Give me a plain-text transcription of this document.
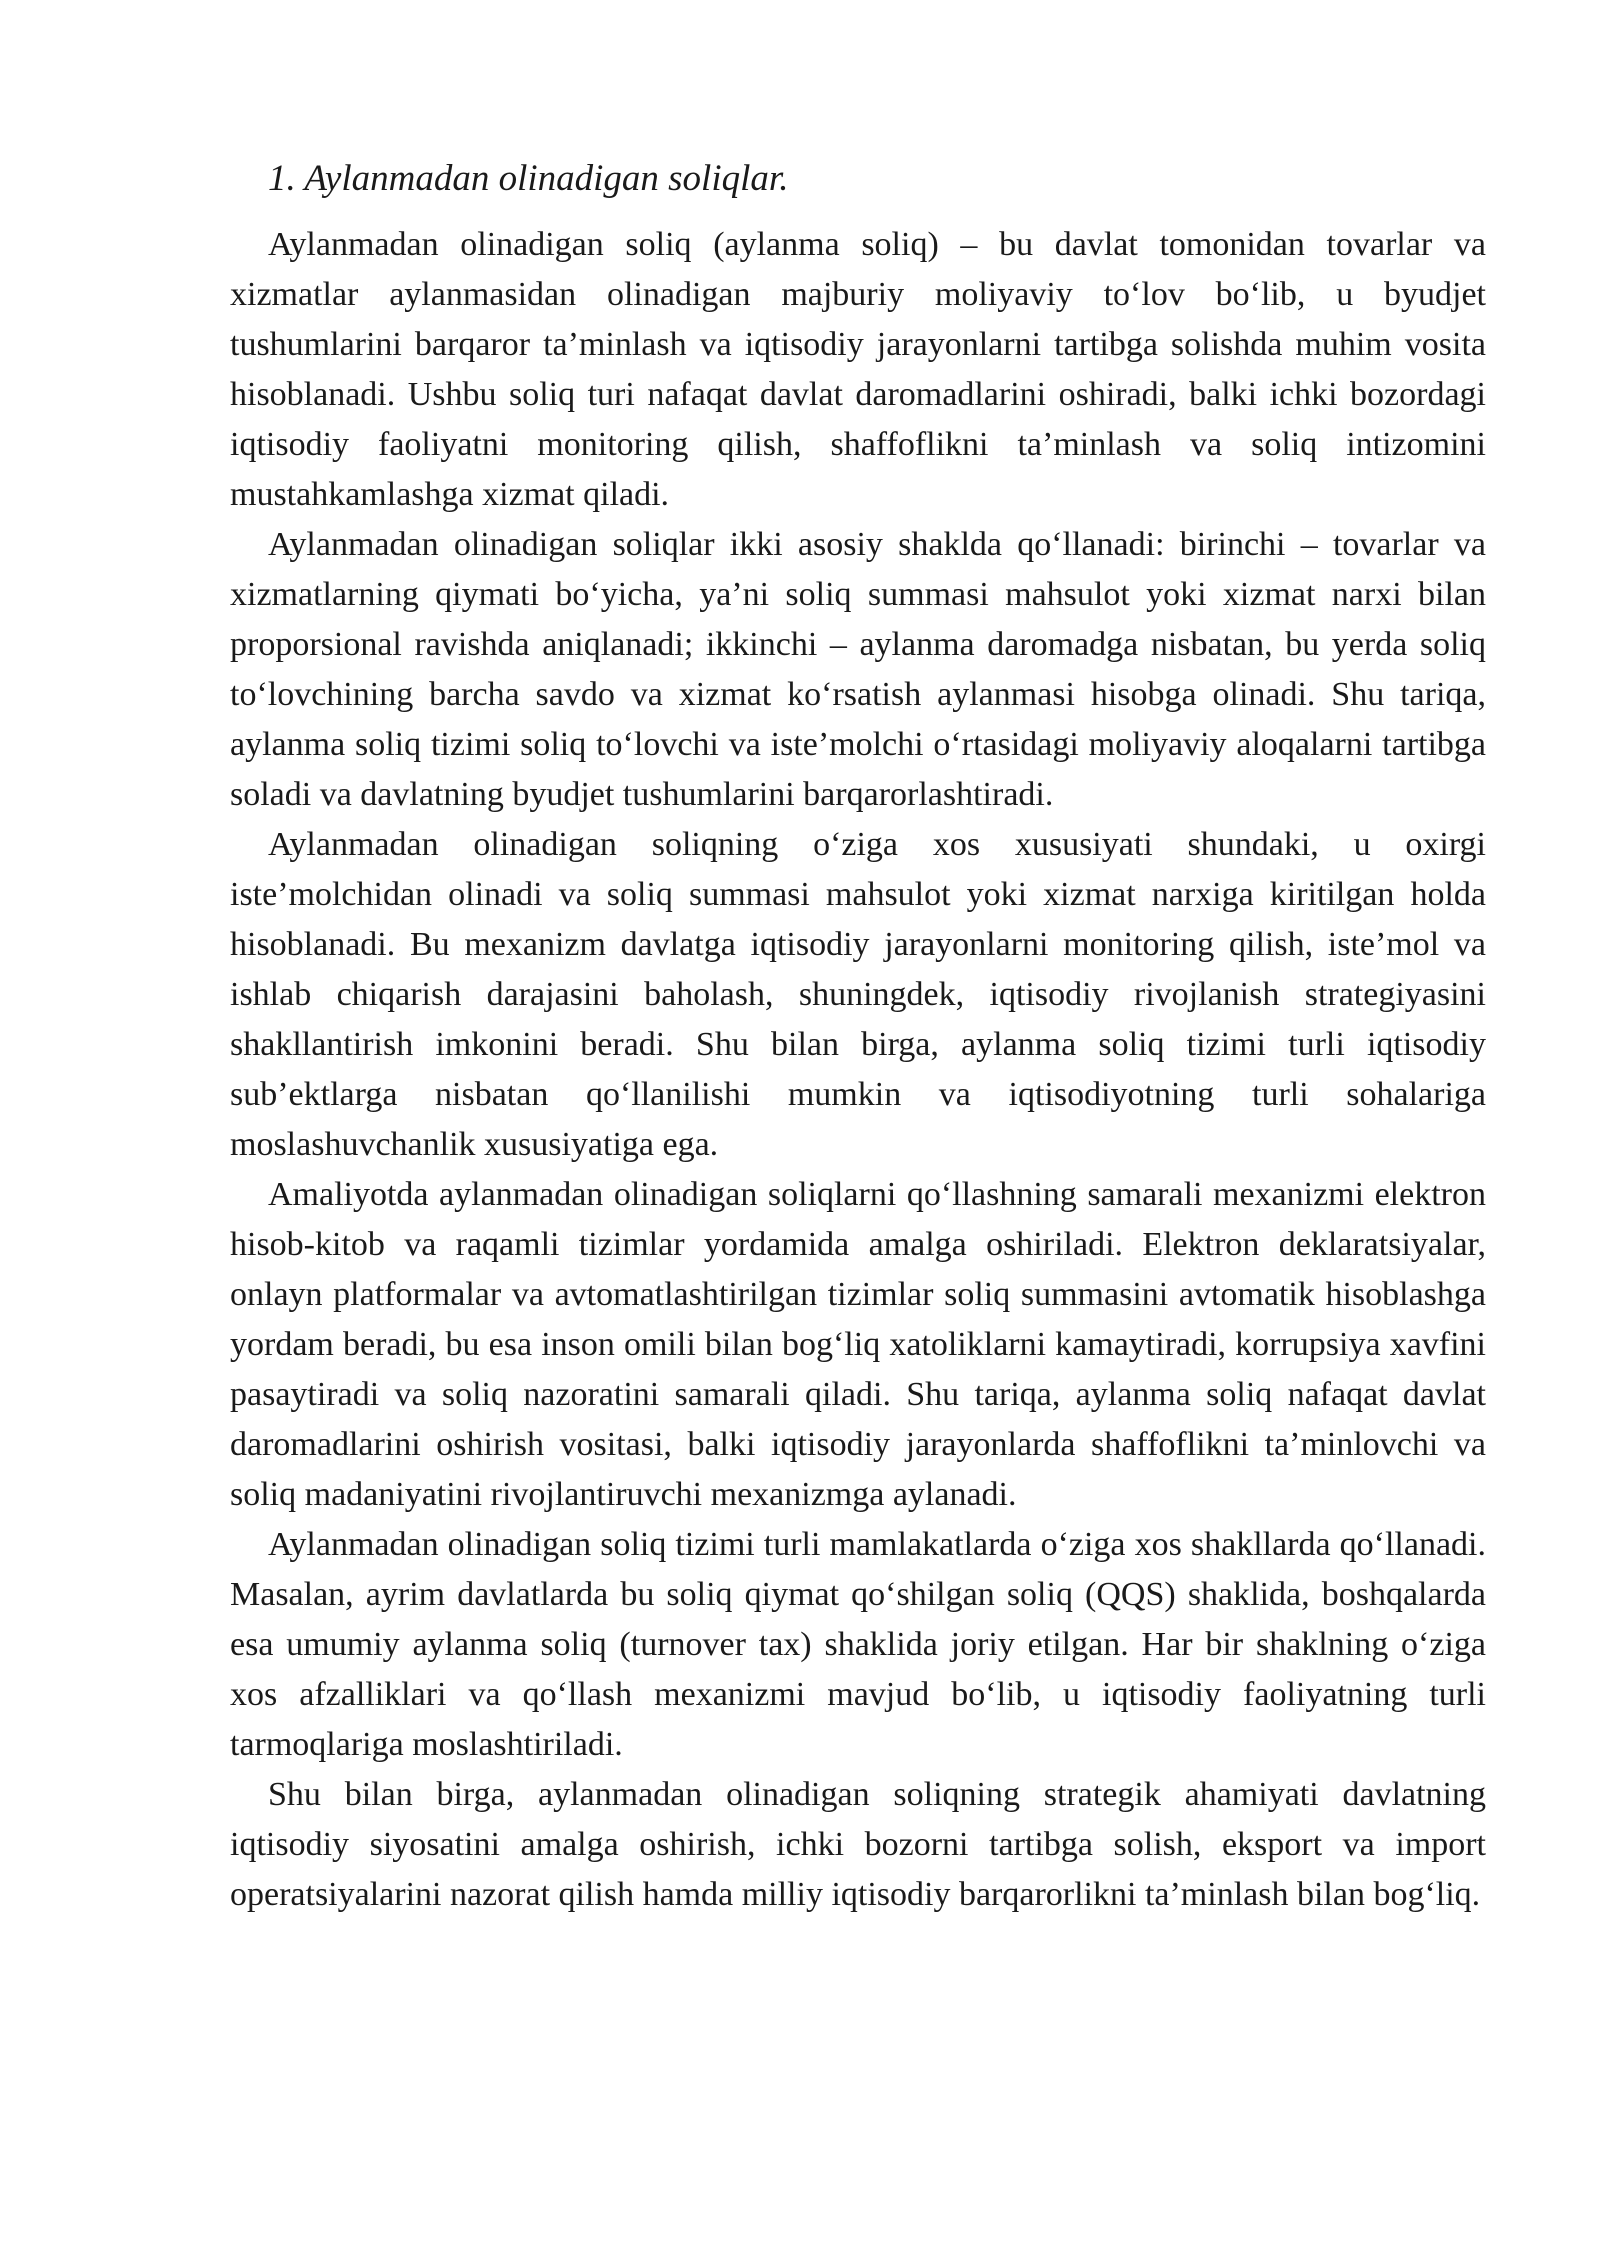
1. Aylanmadan olinadigan soliqlar.

Aylanmadan olinadigan soliq (aylanma soliq) – bu davlat tomonidan tovarlar va xizmatlar aylanmasidan olinadigan majburiy moliyaviy to‘lov bo‘lib, u byudjet tushumlarini barqaror ta’minlash va iqtisodiy jarayonlarni tartibga solishda muhim vosita hisoblanadi. Ushbu soliq turi nafaqat davlat daromadlarini oshiradi, balki ichki bozordagi iqtisodiy faoliyatni monitoring qilish, shaffoflikni ta’minlash va soliq intizomini mustahkamlashga xizmat qiladi.

Aylanmadan olinadigan soliqlar ikki asosiy shaklda qo‘llanadi: birinchi – tovarlar va xizmatlarning qiymati bo‘yicha, ya’ni soliq summasi mahsulot yoki xizmat narxi bilan proporsional ravishda aniqlanadi; ikkinchi – aylanma daromadga nisbatan, bu yerda soliq to‘lovchining barcha savdo va xizmat ko‘rsatish aylanmasi hisobga olinadi. Shu tariqa, aylanma soliq tizimi soliq to‘lovchi va iste’molchi o‘rtasidagi moliyaviy aloqalarni tartibga soladi va davlatning byudjet tushumlarini barqarorlashtiradi.

Aylanmadan olinadigan soliqning o‘ziga xos xususiyati shundaki, u oxirgi iste’molchidan olinadi va soliq summasi mahsulot yoki xizmat narxiga kiritilgan holda hisoblanadi. Bu mexanizm davlatga iqtisodiy jarayonlarni monitoring qilish, iste’mol va ishlab chiqarish darajasini baholash, shuningdek, iqtisodiy rivojlanish strategiyasini shakllantirish imkonini beradi. Shu bilan birga, aylanma soliq tizimi turli iqtisodiy sub’ektlarga nisbatan qo‘llanilishi mumkin va iqtisodiyotning turli sohalariga moslashuvchanlik xususiyatiga ega.

Amaliyotda aylanmadan olinadigan soliqlarni qo‘llashning samarali mexanizmi elektron hisob-kitob va raqamli tizimlar yordamida amalga oshiriladi. Elektron deklaratsiyalar, onlayn platformalar va avtomatlashtirilgan tizimlar soliq summasini avtomatik hisoblashga yordam beradi, bu esa inson omili bilan bog‘liq xatoliklarni kamaytiradi, korrupsiya xavfini pasaytiradi va soliq nazoratini samarali qiladi. Shu tariqa, aylanma soliq nafaqat davlat daromadlarini oshirish vositasi, balki iqtisodiy jarayonlarda shaffoflikni ta’minlovchi va soliq madaniyatini rivojlantiruvchi mexanizmga aylanadi.

Aylanmadan olinadigan soliq tizimi turli mamlakatlarda o‘ziga xos shakllarda qo‘llanadi. Masalan, ayrim davlatlarda bu soliq qiymat qo‘shilgan soliq (QQS) shaklida, boshqalarda esa umumiy aylanma soliq (turnover tax) shaklida joriy etilgan. Har bir shaklning o‘ziga xos afzalliklari va qo‘llash mexanizmi mavjud bo‘lib, u iqtisodiy faoliyatning turli tarmoqlariga moslashtiriladi.

Shu bilan birga, aylanmadan olinadigan soliqning strategik ahamiyati davlatning iqtisodiy siyosatini amalga oshirish, ichki bozorni tartibga solish, eksport va import operatsiyalarini nazorat qilish hamda milliy iqtisodiy barqarorlikni ta’minlash bilan bog‘liq.
